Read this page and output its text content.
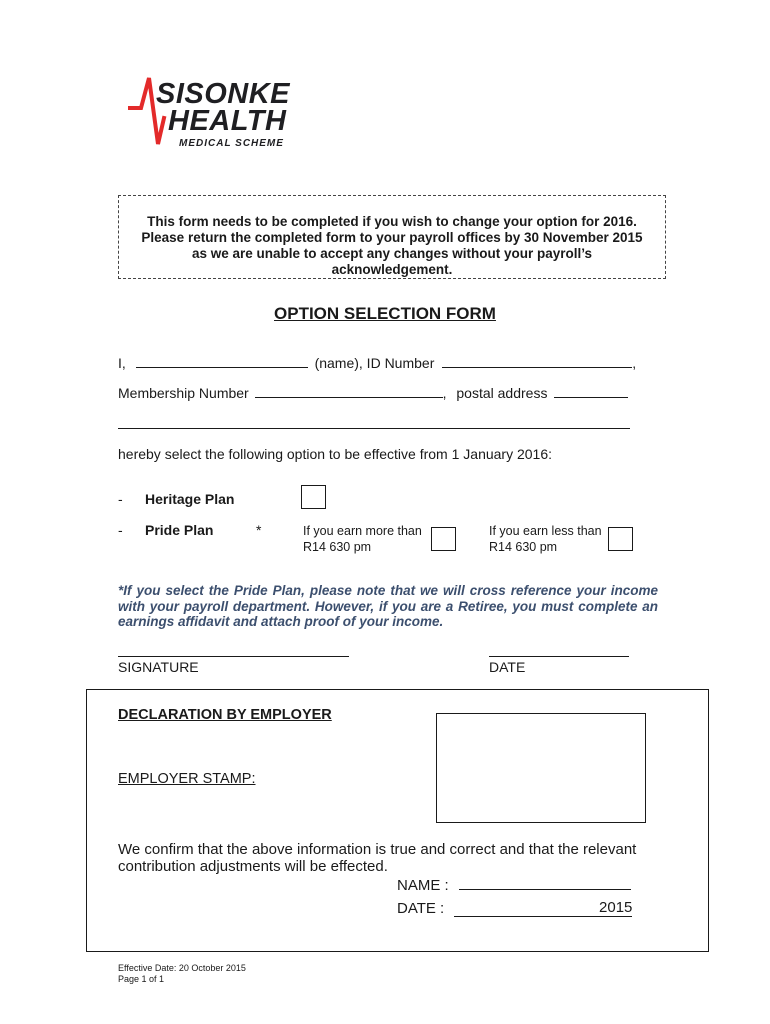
SISONKE
HEALTH
MEDICAL SCHEME
This form needs to be completed if you wish to change your option for 2016.
Please return the completed form to your payroll offices by 30 November 2015
as we are unable to accept any changes without your payroll’s
acknowledgement.
OPTION SELECTION FORM
I,	(name), ID Number	,
Membership Number	, postal address
hereby select the following option to be effective from 1 January 2016:
- Heritage Plan
- Pride Plan	*	If you earn more than
R14 630 pm
If you earn less than
R14 630 pm
*If you select the Pride Plan, please note that we will cross reference your income with your payroll department. However, if you are a Retiree, you must complete an earnings affidavit and attach proof of your income.
SIGNATURE	DATE
DECLARATION BY EMPLOYER
EMPLOYER STAMP:
We confirm that the above information is true and correct and that the relevant
contribution adjustments will be effected.
NAME :
DATE :	2015
Effective Date: 20 October 2015
Page 1 of 1
